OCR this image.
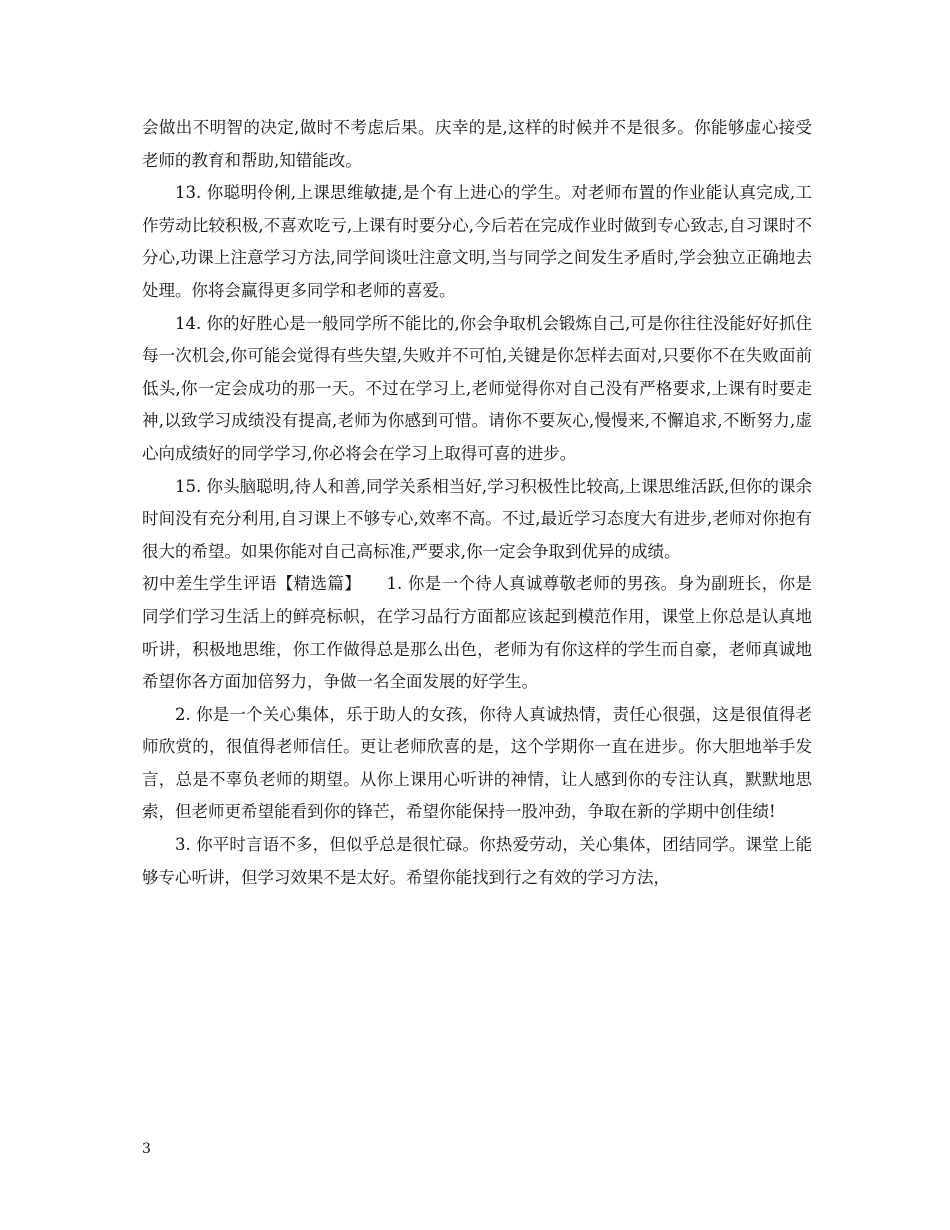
会做出不明智的决定,做时不考虑后果。庆幸的是,这样的时候并不是很多。你能够虚心接受老师的教育和帮助,知错能改。

13. 你聪明伶俐,上课思维敏捷,是个有上进心的学生。对老师布置的作业能认真完成,工作劳动比较积极,不喜欢吃亏,上课有时要分心,今后若在完成作业时做到专心致志,自习课时不分心,功课上注意学习方法,同学间谈吐注意文明,当与同学之间发生矛盾时,学会独立正确地去处理。你将会赢得更多同学和老师的喜爱。

14. 你的好胜心是一般同学所不能比的,你会争取机会锻炼自己,可是你往往没能好好抓住每一次机会,你可能会觉得有些失望,失败并不可怕,关键是你怎样去面对,只要你不在失败面前低头,你一定会成功的那一天。不过在学习上,老师觉得你对自己没有严格要求,上课有时要走神,以致学习成绩没有提高,老师为你感到可惜。请你不要灰心,慢慢来,不懈追求,不断努力,虚心向成绩好的同学学习,你必将会在学习上取得可喜的进步。

15. 你头脑聪明,待人和善,同学关系相当好,学习积极性比较高,上课思维活跃,但你的课余时间没有充分利用,自习课上不够专心,效率不高。不过,最近学习态度大有进步,老师对你抱有很大的希望。如果你能对自己高标准,严要求,你一定会争取到优异的成绩。

初中差生学生评语【精选篇】　　1. 你是一个待人真诚尊敬老师的男孩。身为副班长，你是同学们学习生活上的鲜亮标帜，在学习品行方面都应该起到模范作用，课堂上你总是认真地听讲，积极地思维，你工作做得总是那么出色，老师为有你这样的学生而自豪，老师真诚地希望你各方面加倍努力，争做一名全面发展的好学生。

2. 你是一个关心集体，乐于助人的女孩，你待人真诚热情，责任心很强，这是很值得老师欣赏的，很值得老师信任。更让老师欣喜的是，这个学期你一直在进步。你大胆地举手发言，总是不辜负老师的期望。从你上课用心听讲的神情，让人感到你的专注认真，默默地思索，但老师更希望能看到你的锋芒，希望你能保持一股冲劲，争取在新的学期中创佳绩!

3. 你平时言语不多，但似乎总是很忙碌。你热爱劳动，关心集体，团结同学。课堂上能够专心听讲，但学习效果不是太好。希望你能找到行之有效的学习方法，

3
